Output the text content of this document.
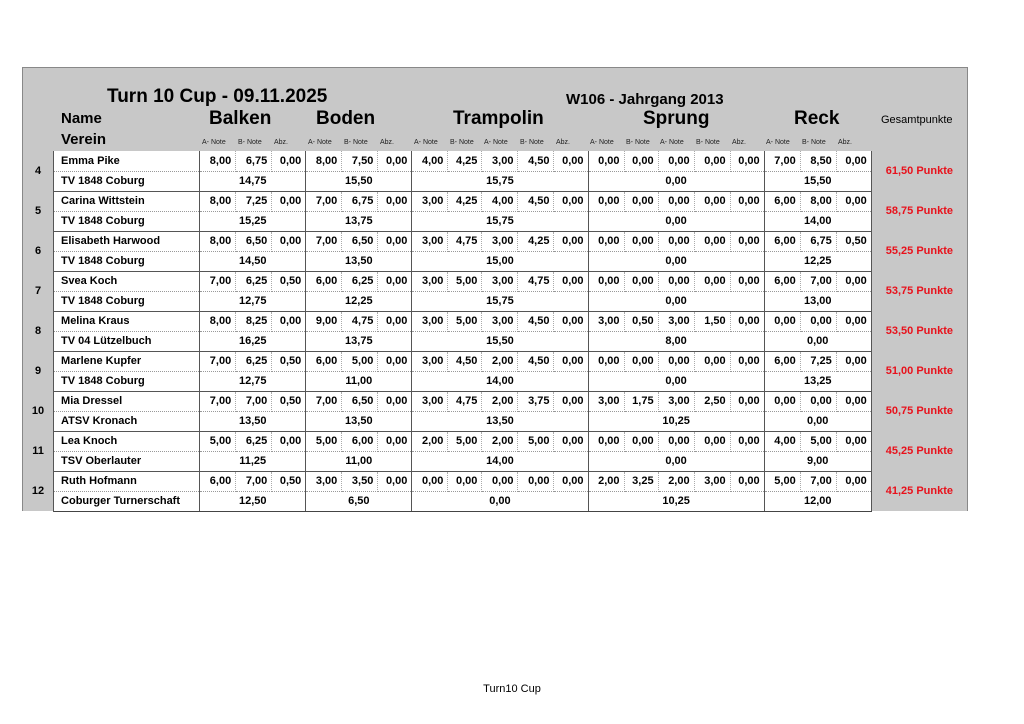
Turn 10 Cup - 09.11.2025	W106 - Jahrgang 2013
Name
Verein
Balken Boden	Trampolin	Sprung	Reck	Gesamtpunkte
A- Note B- Note Abz.	A- Note B- Note Abz.	A- Note B- Note A- Note B- Note Abz.	A- Note B- Note A- Note B- Note Abz.	A- Note B- Note Abz.
4	Emma Pike	8,00	6,75	0,00	8,00	7,50	0,00	4,00	4,25	3,00	4,50	0,00	0,00	0,00	0,00	0,00	0,00	7,00	8,50	0,00	61,50 Punkte
	TV 1848 Coburg	14,75			15,50			15,75					0,00					15,50			
5	Carina Wittstein	8,00	7,25	0,00	7,00	6,75	0,00	3,00	4,25	4,00	4,50	0,00	0,00	0,00	0,00	0,00	0,00	6,00	8,00	0,00	58,75 Punkte
	TV 1848 Coburg	15,25			13,75			15,75					0,00					14,00			
6	Elisabeth Harwood	8,00	6,50	0,00	7,00	6,50	0,00	3,00	4,75	3,00	4,25	0,00	0,00	0,00	0,00	0,00	0,00	6,00	6,75	0,50	55,25 Punkte
	TV 1848 Coburg	14,50			13,50			15,00					0,00					12,25			
7	Svea Koch	7,00	6,25	0,50	6,00	6,25	0,00	3,00	5,00	3,00	4,75	0,00	0,00	0,00	0,00	0,00	0,00	6,00	7,00	0,00	53,75 Punkte
	TV 1848 Coburg	12,75			12,25			15,75					0,00					13,00			
8	Melina Kraus	8,00	8,25	0,00	9,00	4,75	0,00	3,00	5,00	3,00	4,50	0,00	3,00	0,50	3,00	1,50	0,00	0,00	0,00	0,00	53,50 Punkte
	TV 04 Lützelbuch	16,25			13,75			15,50					8,00					0,00			
9	Marlene Kupfer	7,00	6,25	0,50	6,00	5,00	0,00	3,00	4,50	2,00	4,50	0,00	0,00	0,00	0,00	0,00	0,00	6,00	7,25	0,00	51,00 Punkte
	TV 1848 Coburg	12,75			11,00			14,00					0,00					13,25			
10	Mia Dressel	7,00	7,00	0,50	7,00	6,50	0,00	3,00	4,75	2,00	3,75	0,00	3,00	1,75	3,00	2,50	0,00	0,00	0,00	0,00	50,75 Punkte
	ATSV Kronach	13,50			13,50			13,50					10,25					0,00			
11	Lea Knoch	5,00	6,25	0,00	5,00	6,00	0,00	2,00	5,00	2,00	5,00	0,00	0,00	0,00	0,00	0,00	0,00	4,00	5,00	0,00	45,25 Punkte
	TSV Oberlauter	11,25			11,00			14,00					0,00					9,00			
12	Ruth Hofmann	6,00	7,00	0,50	3,00	3,50	0,00	0,00	0,00	0,00	0,00	0,00	2,00	3,25	2,00	3,00	0,00	5,00	7,00	0,00	41,25 Punkte
	Coburger Turnerschaft	12,50			6,50			0,00					10,25					12,00			
Turn10 Cup
